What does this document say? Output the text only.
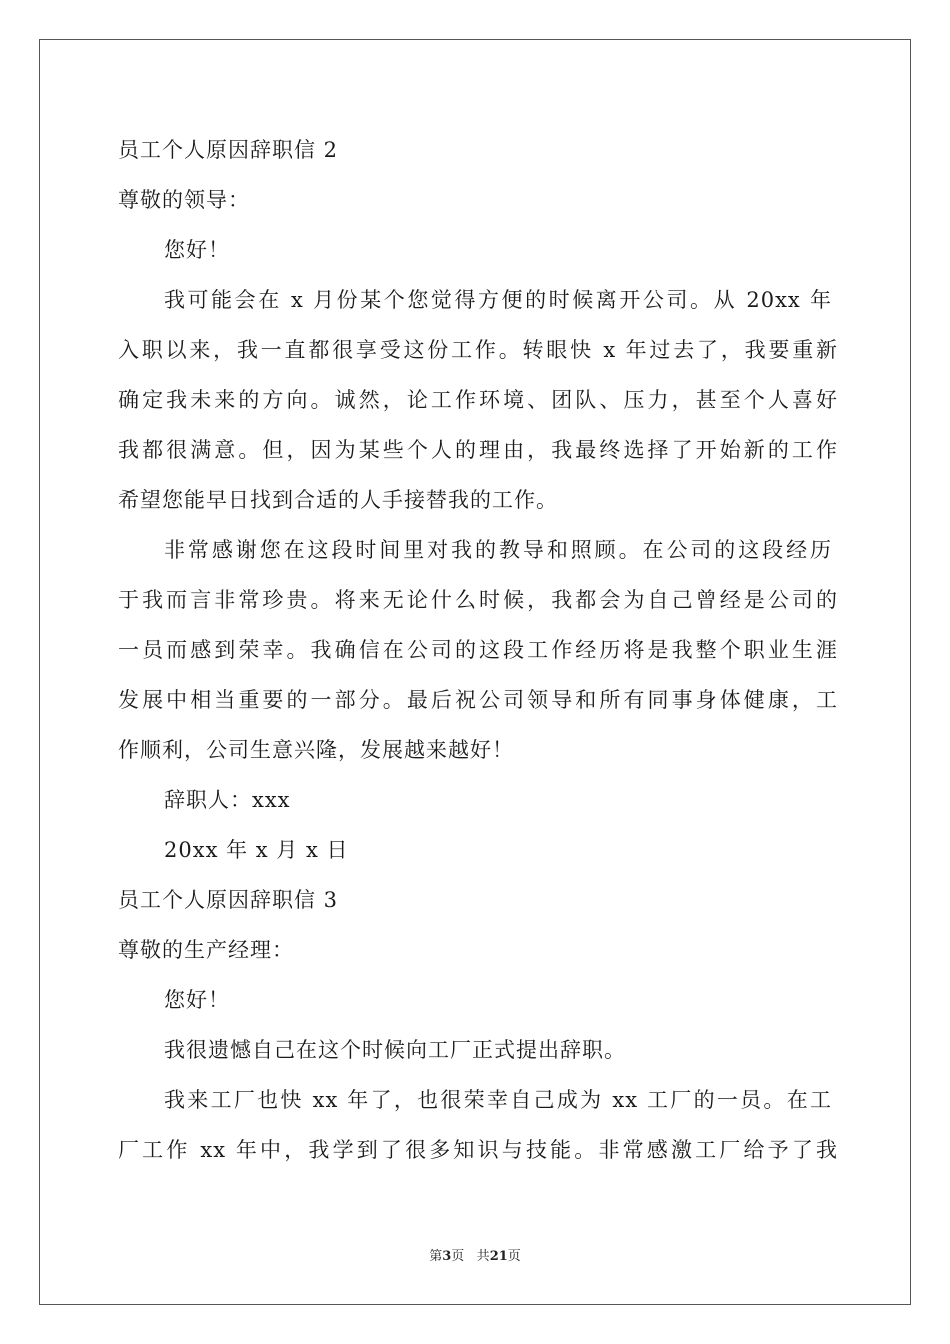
员工个人原因辞职信 2
尊敬的领导：
您好！
我可能会在 x 月份某个您觉得方便的时候离开公司。从 20xx 年
入职以来，我一直都很享受这份工作。转眼快 x 年过去了，我要重新
确定我未来的方向。诚然，论工作环境、团队、压力，甚至个人喜好
我都很满意。但，因为某些个人的理由，我最终选择了开始新的工作
希望您能早日找到合适的人手接替我的工作。
非常感谢您在这段时间里对我的教导和照顾。在公司的这段经历
于我而言非常珍贵。将来无论什么时候，我都会为自己曾经是公司的
一员而感到荣幸。我确信在公司的这段工作经历将是我整个职业生涯
发展中相当重要的一部分。最后祝公司领导和所有同事身体健康，工
作顺利，公司生意兴隆，发展越来越好！
辞职人：xxx
20xx 年 x 月 x 日
员工个人原因辞职信 3
尊敬的生产经理：
您好！
我很遗憾自己在这个时候向工厂正式提出辞职。
我来工厂也快 xx 年了，也很荣幸自己成为 xx 工厂的一员。在工
厂工作 xx 年中，我学到了很多知识与技能。非常感激工厂给予了我
第3页 共21页
